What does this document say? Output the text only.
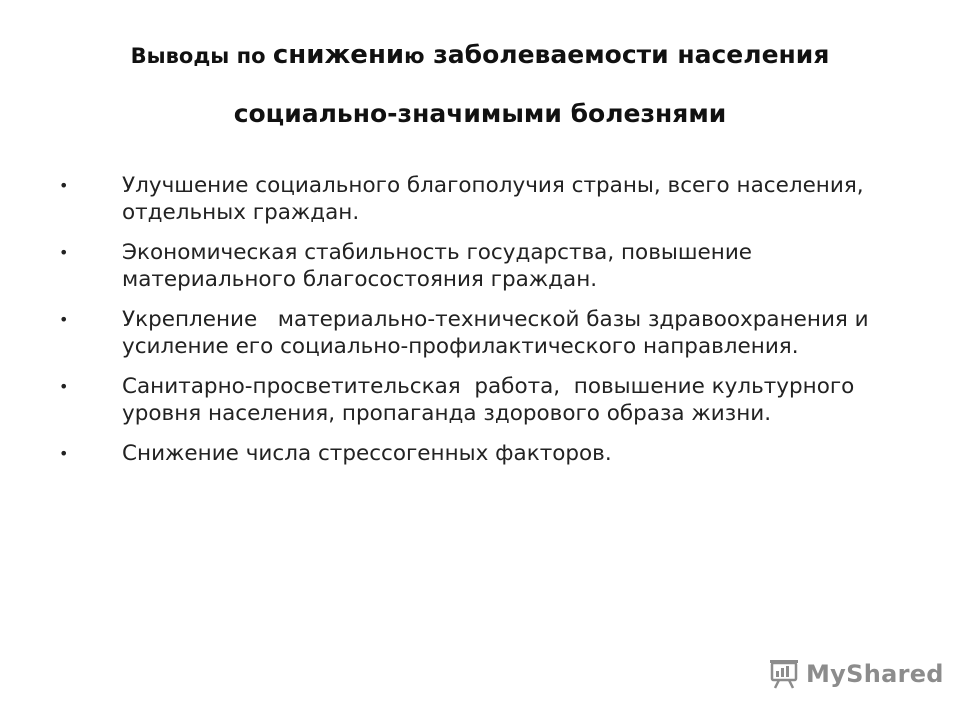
Выводы по снижению заболеваемости населения
социально-значимыми болезнями
• Улучшение социального благополучия страны, всего населения, отдельных граждан.
• Экономическая стабильность государства, повышение материального благосостояния граждан.
• Укрепление   материально-технической базы здравоохранения и усиление его социально-профилактического направления.
• Санитарно-просветительская  работа,  повышение культурного уровня населения, пропаганда здорового образа жизни.
• Снижение числа стрессогенных факторов.
MyShared
